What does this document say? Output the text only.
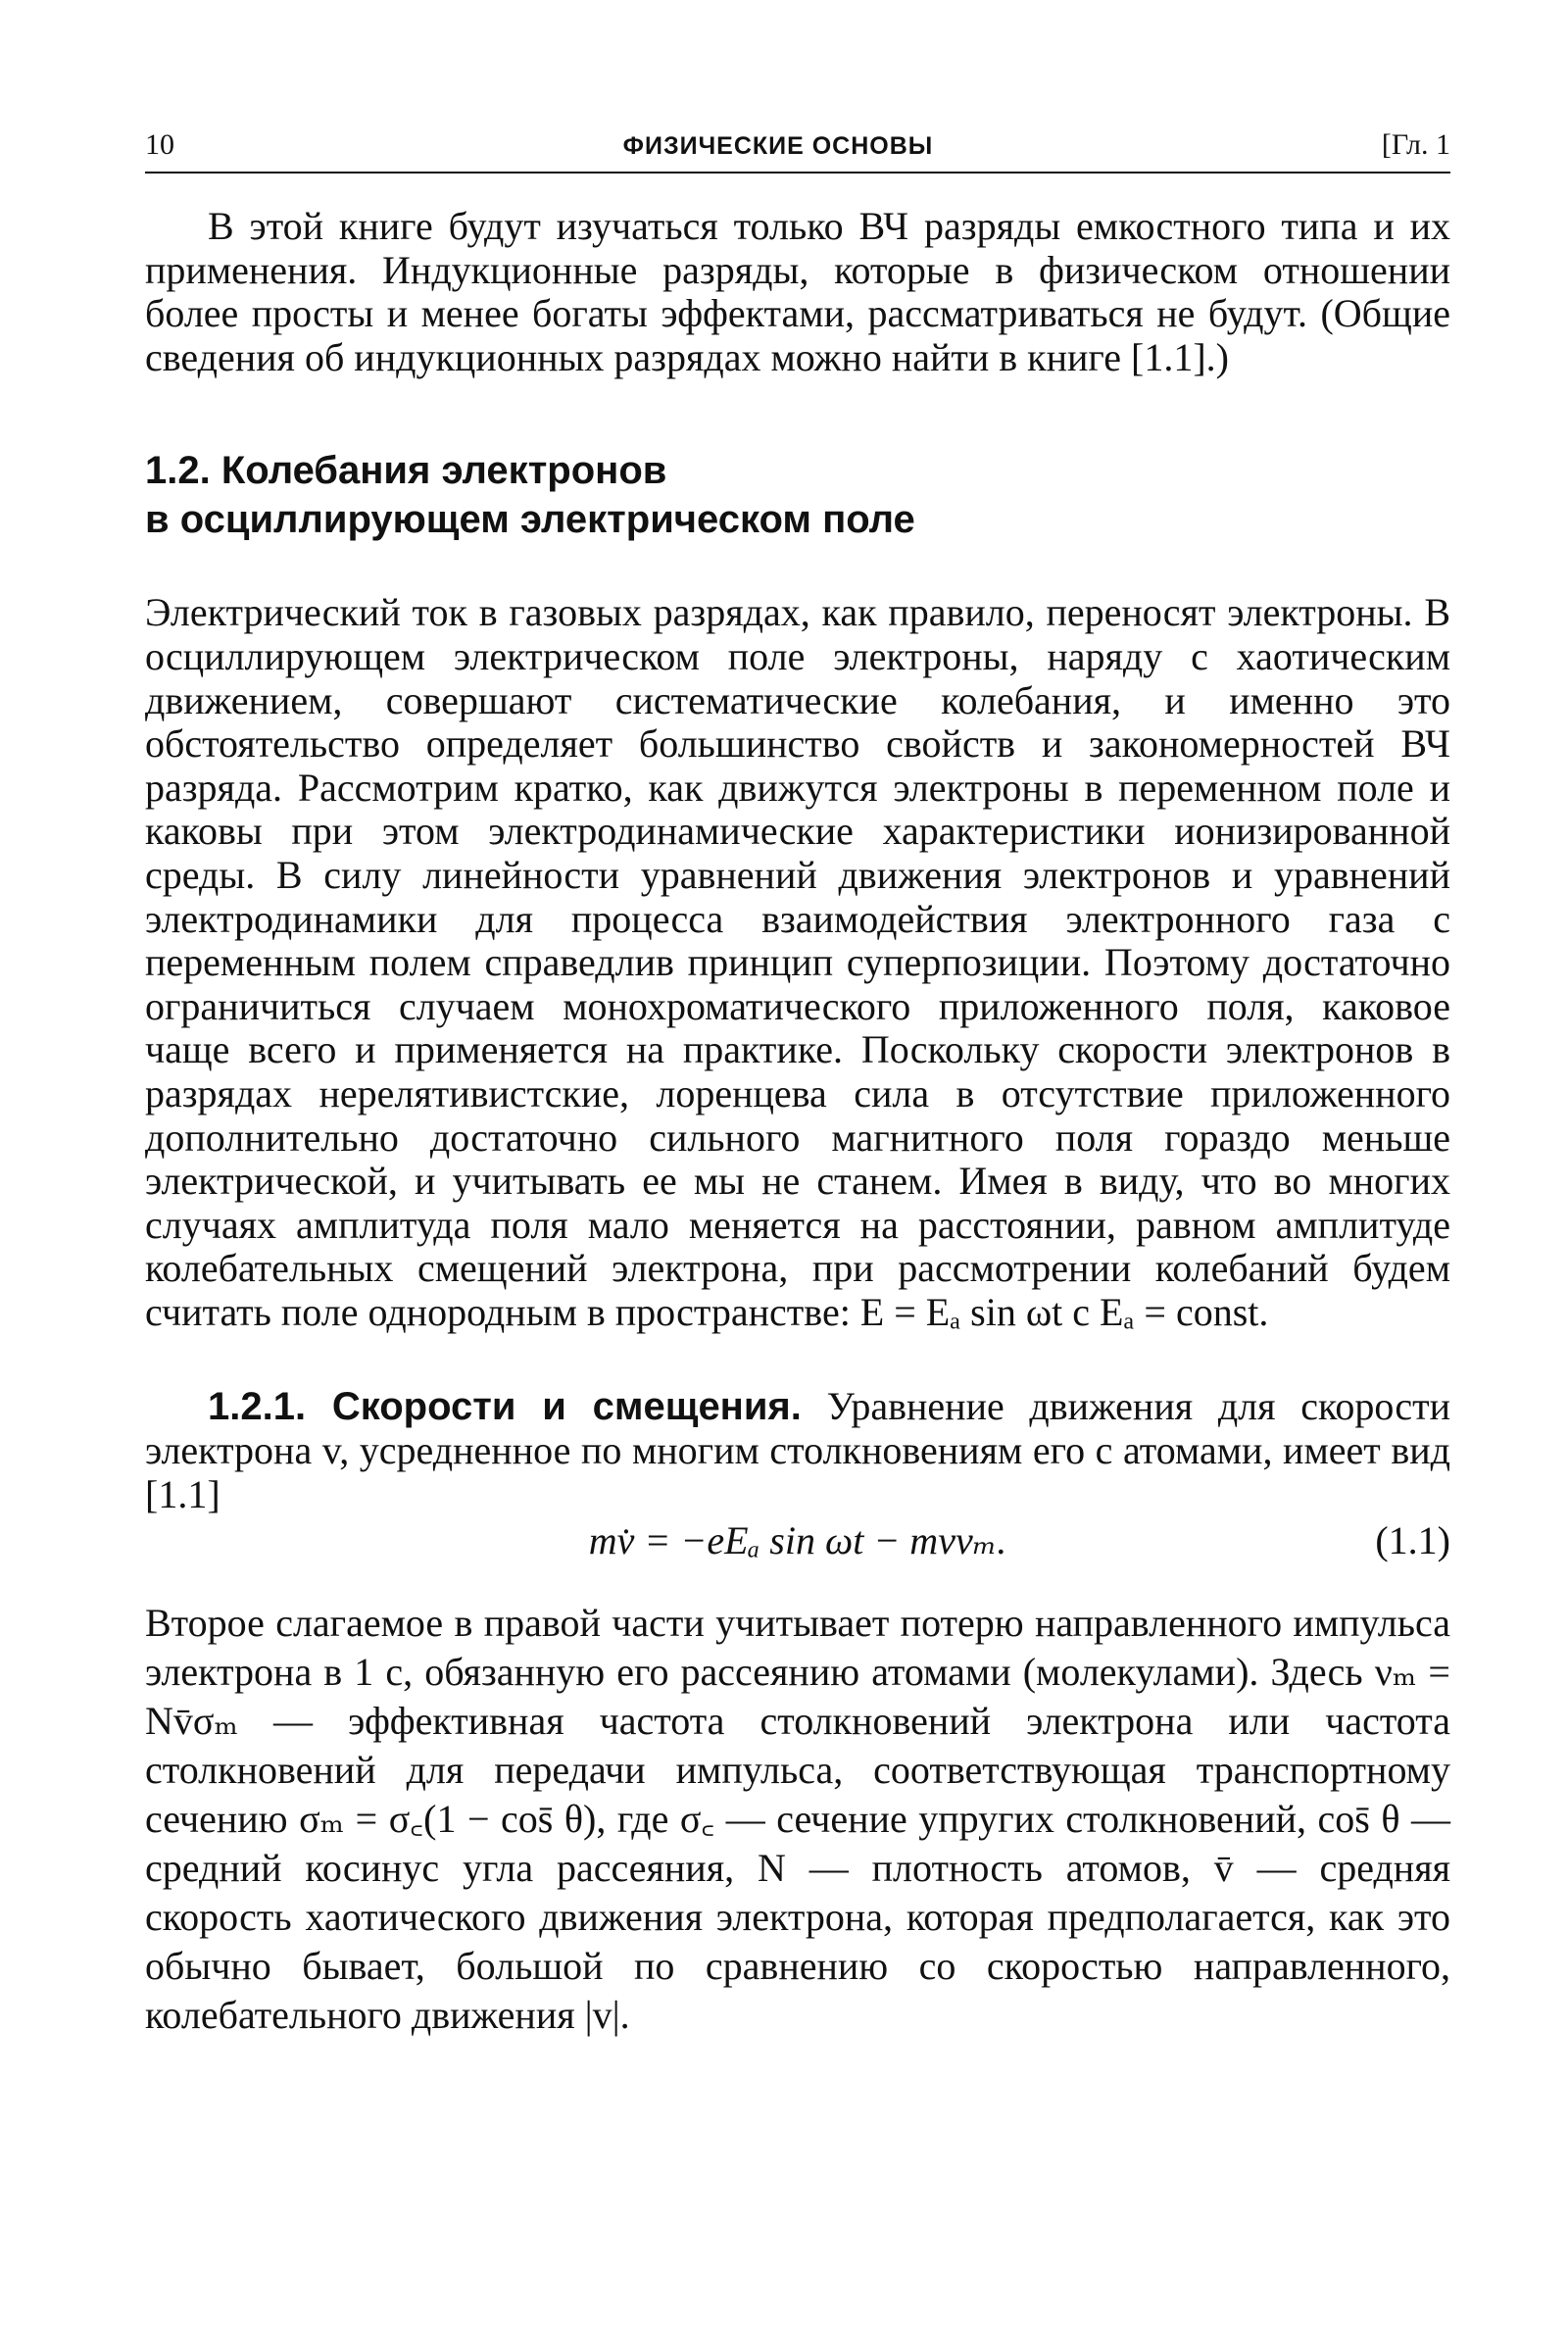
10	ФИЗИЧЕСКИЕ ОСНОВЫ	[Гл. 1

В этой книге будут изучаться только ВЧ разряды емкостного типа и их применения. Индукционные разряды, которые в физическом отношении более просты и менее богаты эффектами, рассматриваться не будут. (Общие сведения об индукционных разрядах можно найти в книге [1.1].)

1.2. Колебания электронов
в осциллирующем электрическом поле

Электрический ток в газовых разрядах, как правило, переносят электроны. В осциллирующем электрическом поле электроны, наряду с хаотическим движением, совершают систематические колебания, и именно это обстоятельство определяет большинство свойств и закономерностей ВЧ разряда. Рассмотрим кратко, как движутся электроны в переменном поле и каковы при этом электродинамические характеристики ионизированной среды. В силу линейности уравнений движения электронов и уравнений электродинамики для процесса взаимодействия электронного газа с переменным полем справедлив принцип суперпозиции. Поэтому достаточно ограничиться случаем монохроматического приложенного поля, каковое чаще всего и применяется на практике. Поскольку скорости электронов в разрядах нерелятивистские, лоренцева сила в отсутствие приложенного дополнительно достаточно сильного магнитного поля гораздо меньше электрической, и учитывать ее мы не станем. Имея в виду, что во многих случаях амплитуда поля мало меняется на расстоянии, равном амплитуде колебательных смещений электрона, при рассмотрении колебаний будем считать поле однородным в пространстве: E = Eₐ sin ωt с Eₐ = const.

1.2.1. Скорости и смещения. Уравнение движения для скорости электрона v, усредненное по многим столкновениям его с атомами, имеет вид [1.1]

mv̇ = −eEₐ sin ωt − mvνₘ.	(1.1)

Второе слагаемое в правой части учитывает потерю направленного импульса электрона в 1 с, обязанную его рассеянию атомами (молекулами). Здесь νₘ = Nv̄σₘ — эффективная частота столкновений электрона или частота столкновений для передачи импульса, соответствующая транспортному сечению σₘ = σ꜀(1 − cos̄ θ), где σ꜀ — сечение упругих столкновений, cos̄ θ — средний косинус угла рассеяния, N — плотность атомов, v̄ — средняя скорость хаотического движения электрона, которая предполагается, как это обычно бывает, большой по сравнению со скоростью направленного, колебательного движения |v|.
